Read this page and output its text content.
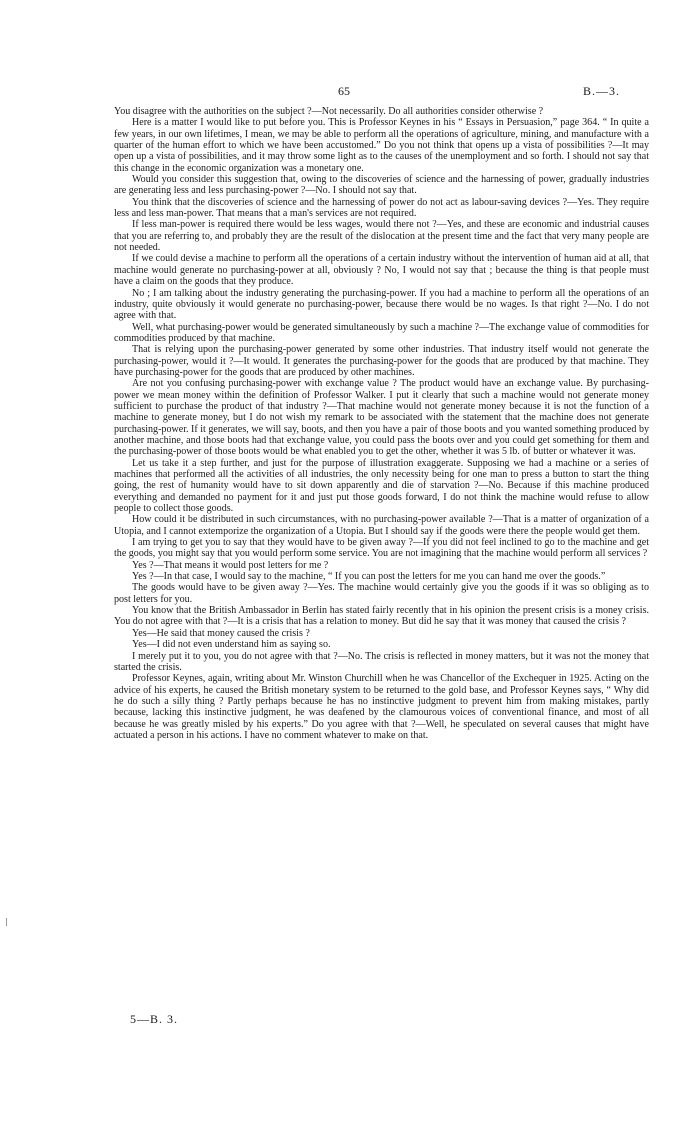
65	B.—3.

You disagree with the authorities on the subject ?—Not necessarily. Do all authorities consider otherwise ?

Here is a matter I would like to put before you. This is Professor Keynes in his “ Essays in Persuasion,” page 364. “ In quite a few years, in our own lifetimes, I mean, we may be able to perform all the operations of agriculture, mining, and manufacture with a quarter of the human effort to which we have been accustomed.” Do you not think that opens up a vista of possibilities ?—It may open up a vista of possibilities, and it may throw some light as to the causes of the unemployment and so forth. I should not say that this change in the economic organization was a monetary one.

Would you consider this suggestion that, owing to the discoveries of science and the harnessing of power, gradually industries are generating less and less purchasing-power ?—No. I should not say that.

You think that the discoveries of science and the harnessing of power do not act as labour-saving devices ?—Yes. They require less and less man-power. That means that a man's services are not required.

If less man-power is required there would be less wages, would there not ?—Yes, and these are economic and industrial causes that you are referring to, and probably they are the result of the dislocation at the present time and the fact that very many people are not needed.

If we could devise a machine to perform all the operations of a certain industry without the intervention of human aid at all, that machine would generate no purchasing-power at all, obviously ? No, I would not say that ; because the thing is that people must have a claim on the goods that they produce.

No ; I am talking about the industry generating the purchasing-power. If you had a machine to perform all the operations of an industry, quite obviously it would generate no purchasing-power, because there would be no wages. Is that right ?—No. I do not agree with that.

Well, what purchasing-power would be generated simultaneously by such a machine ?—The exchange value of commodities for commodities produced by that machine.

That is relying upon the purchasing-power generated by some other industries. That industry itself would not generate the purchasing-power, would it ?—It would. It generates the purchasing-power for the goods that are produced by that machine. They have purchasing-power for the goods that are produced by other machines.

Are not you confusing purchasing-power with exchange value ? The product would have an exchange value. By purchasing-power we mean money within the definition of Professor Walker. I put it clearly that such a machine would not generate money sufficient to purchase the product of that industry ?—That machine would not generate money because it is not the function of a machine to generate money, but I do not wish my remark to be associated with the statement that the machine does not generate purchasing-power. If it generates, we will say, boots, and then you have a pair of those boots and you wanted something produced by another machine, and those boots had that exchange value, you could pass the boots over and you could get something for them and the purchasing-power of those boots would be what enabled you to get the other, whether it was 5 lb. of butter or whatever it was.

Let us take it a step further, and just for the purpose of illustration exaggerate. Supposing we had a machine or a series of machines that performed all the activities of all industries, the only necessity being for one man to press a button to start the thing going, the rest of humanity would have to sit down apparently and die of starvation ?—No. Because if this machine produced everything and demanded no payment for it and just put those goods forward, I do not think the machine would refuse to allow people to collect those goods.

How could it be distributed in such circumstances, with no purchasing-power available ?—That is a matter of organization of a Utopia, and I cannot extemporize the organization of a Utopia. But I should say if the goods were there the people would get them.

I am trying to get you to say that they would have to be given away ?—If you did not feel inclined to go to the machine and get the goods, you might say that you would perform some service. You are not imagining that the machine would perform all services ?

Yes ?—That means it would post letters for me ?

Yes ?—In that case, I would say to the machine, “ If you can post the letters for me you can hand me over the goods.”

The goods would have to be given away ?—Yes. The machine would certainly give you the goods if it was so obliging as to post letters for you.

You know that the British Ambassador in Berlin has stated fairly recently that in his opinion the present crisis is a money crisis. You do not agree with that ?—It is a crisis that has a relation to money. But did he say that it was money that caused the crisis ?

Yes—He said that money caused the crisis ?

Yes—I did not even understand him as saying so.

I merely put it to you, you do not agree with that ?—No. The crisis is reflected in money matters, but it was not the money that started the crisis.

Professor Keynes, again, writing about Mr. Winston Churchill when he was Chancellor of the Exchequer in 1925. Acting on the advice of his experts, he caused the British monetary system to be returned to the gold base, and Professor Keynes says, “ Why did he do such a silly thing ? Partly perhaps because he has no instinctive judgment to prevent him from making mistakes, partly because, lacking this instinctive judgment, he was deafened by the clamourous voices of conventional finance, and most of all because he was greatly misled by his experts.” Do you agree with that ?—Well, he speculated on several causes that might have actuated a person in his actions. I have no comment whatever to make on that.

5—B. 3.
